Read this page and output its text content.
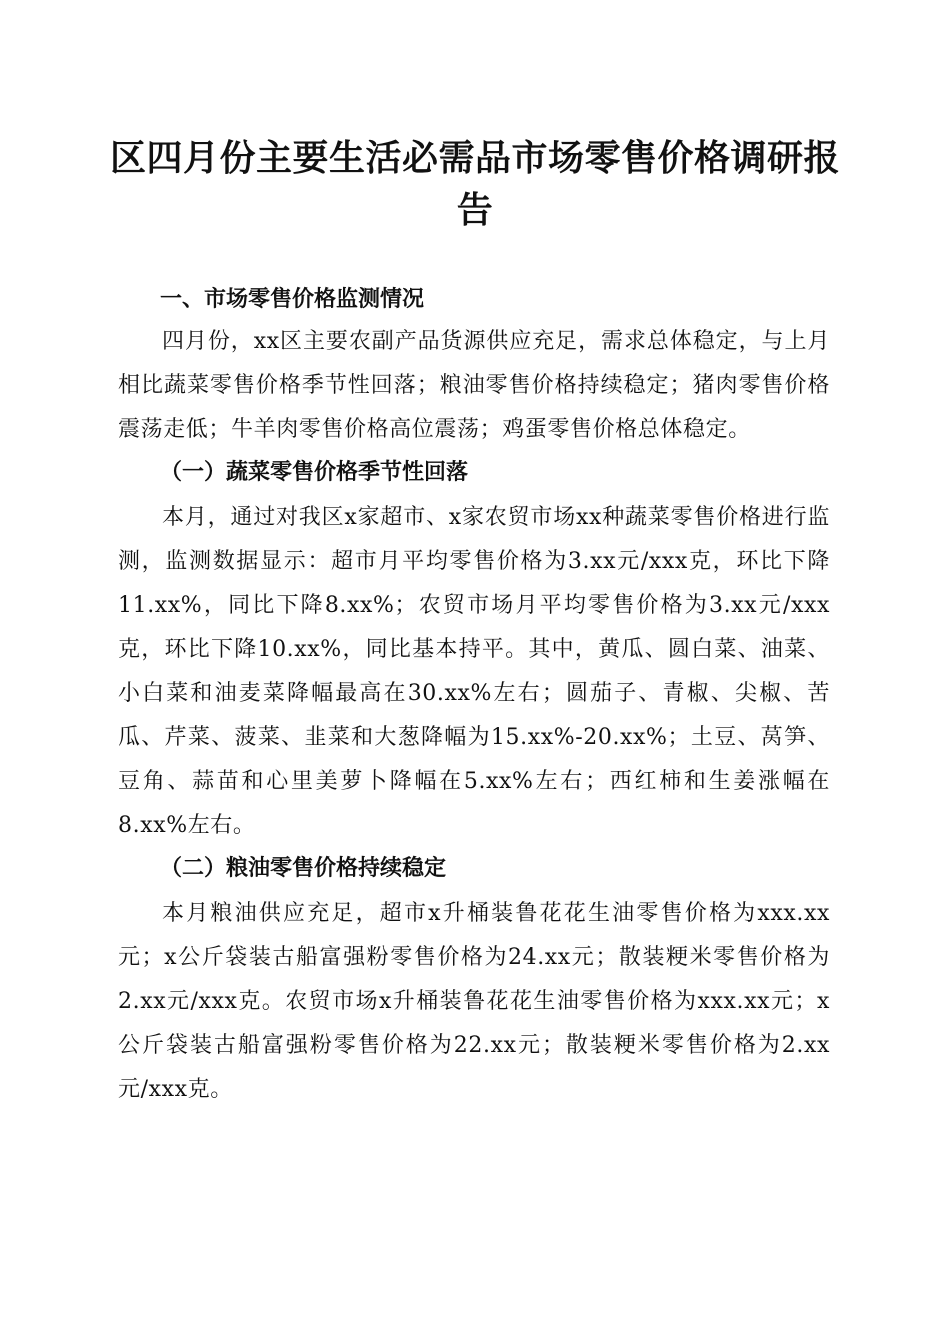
区四月份主要生活必需品市场零售价格调研报告
一、市场零售价格监测情况

四月份，xx区主要农副产品货源供应充足，需求总体稳定，与上月相比蔬菜零售价格季节性回落；粮油零售价格持续稳定；猪肉零售价格震荡走低；牛羊肉零售价格高位震荡；鸡蛋零售价格总体稳定。

（一）蔬菜零售价格季节性回落

本月，通过对我区x家超市、x家农贸市场xx种蔬菜零售价格进行监测，监测数据显示：超市月平均零售价格为3.xx元/xxx克，环比下降11.xx%，同比下降8.xx%；农贸市场月平均零售价格为3.xx元/xxx克，环比下降10.xx%，同比基本持平。其中，黄瓜、圆白菜、油菜、小白菜和油麦菜降幅最高在30.xx%左右；圆茄子、青椒、尖椒、苦瓜、芹菜、菠菜、韭菜和大葱降幅为15.xx%-20.xx%；土豆、莴笋、豆角、蒜苗和心里美萝卜降幅在5.xx%左右；西红柿和生姜涨幅在8.xx%左右。

（二）粮油零售价格持续稳定

本月粮油供应充足，超市x升桶装鲁花花生油零售价格为xxx.xx元；x公斤袋装古船富强粉零售价格为24.xx元；散装粳米零售价格为2.xx元/xxx克。农贸市场x升桶装鲁花花生油零售价格为xxx.xx元；x公斤袋装古船富强粉零售价格为22.xx元；散装粳米零售价格为2.xx元/xxx克。
